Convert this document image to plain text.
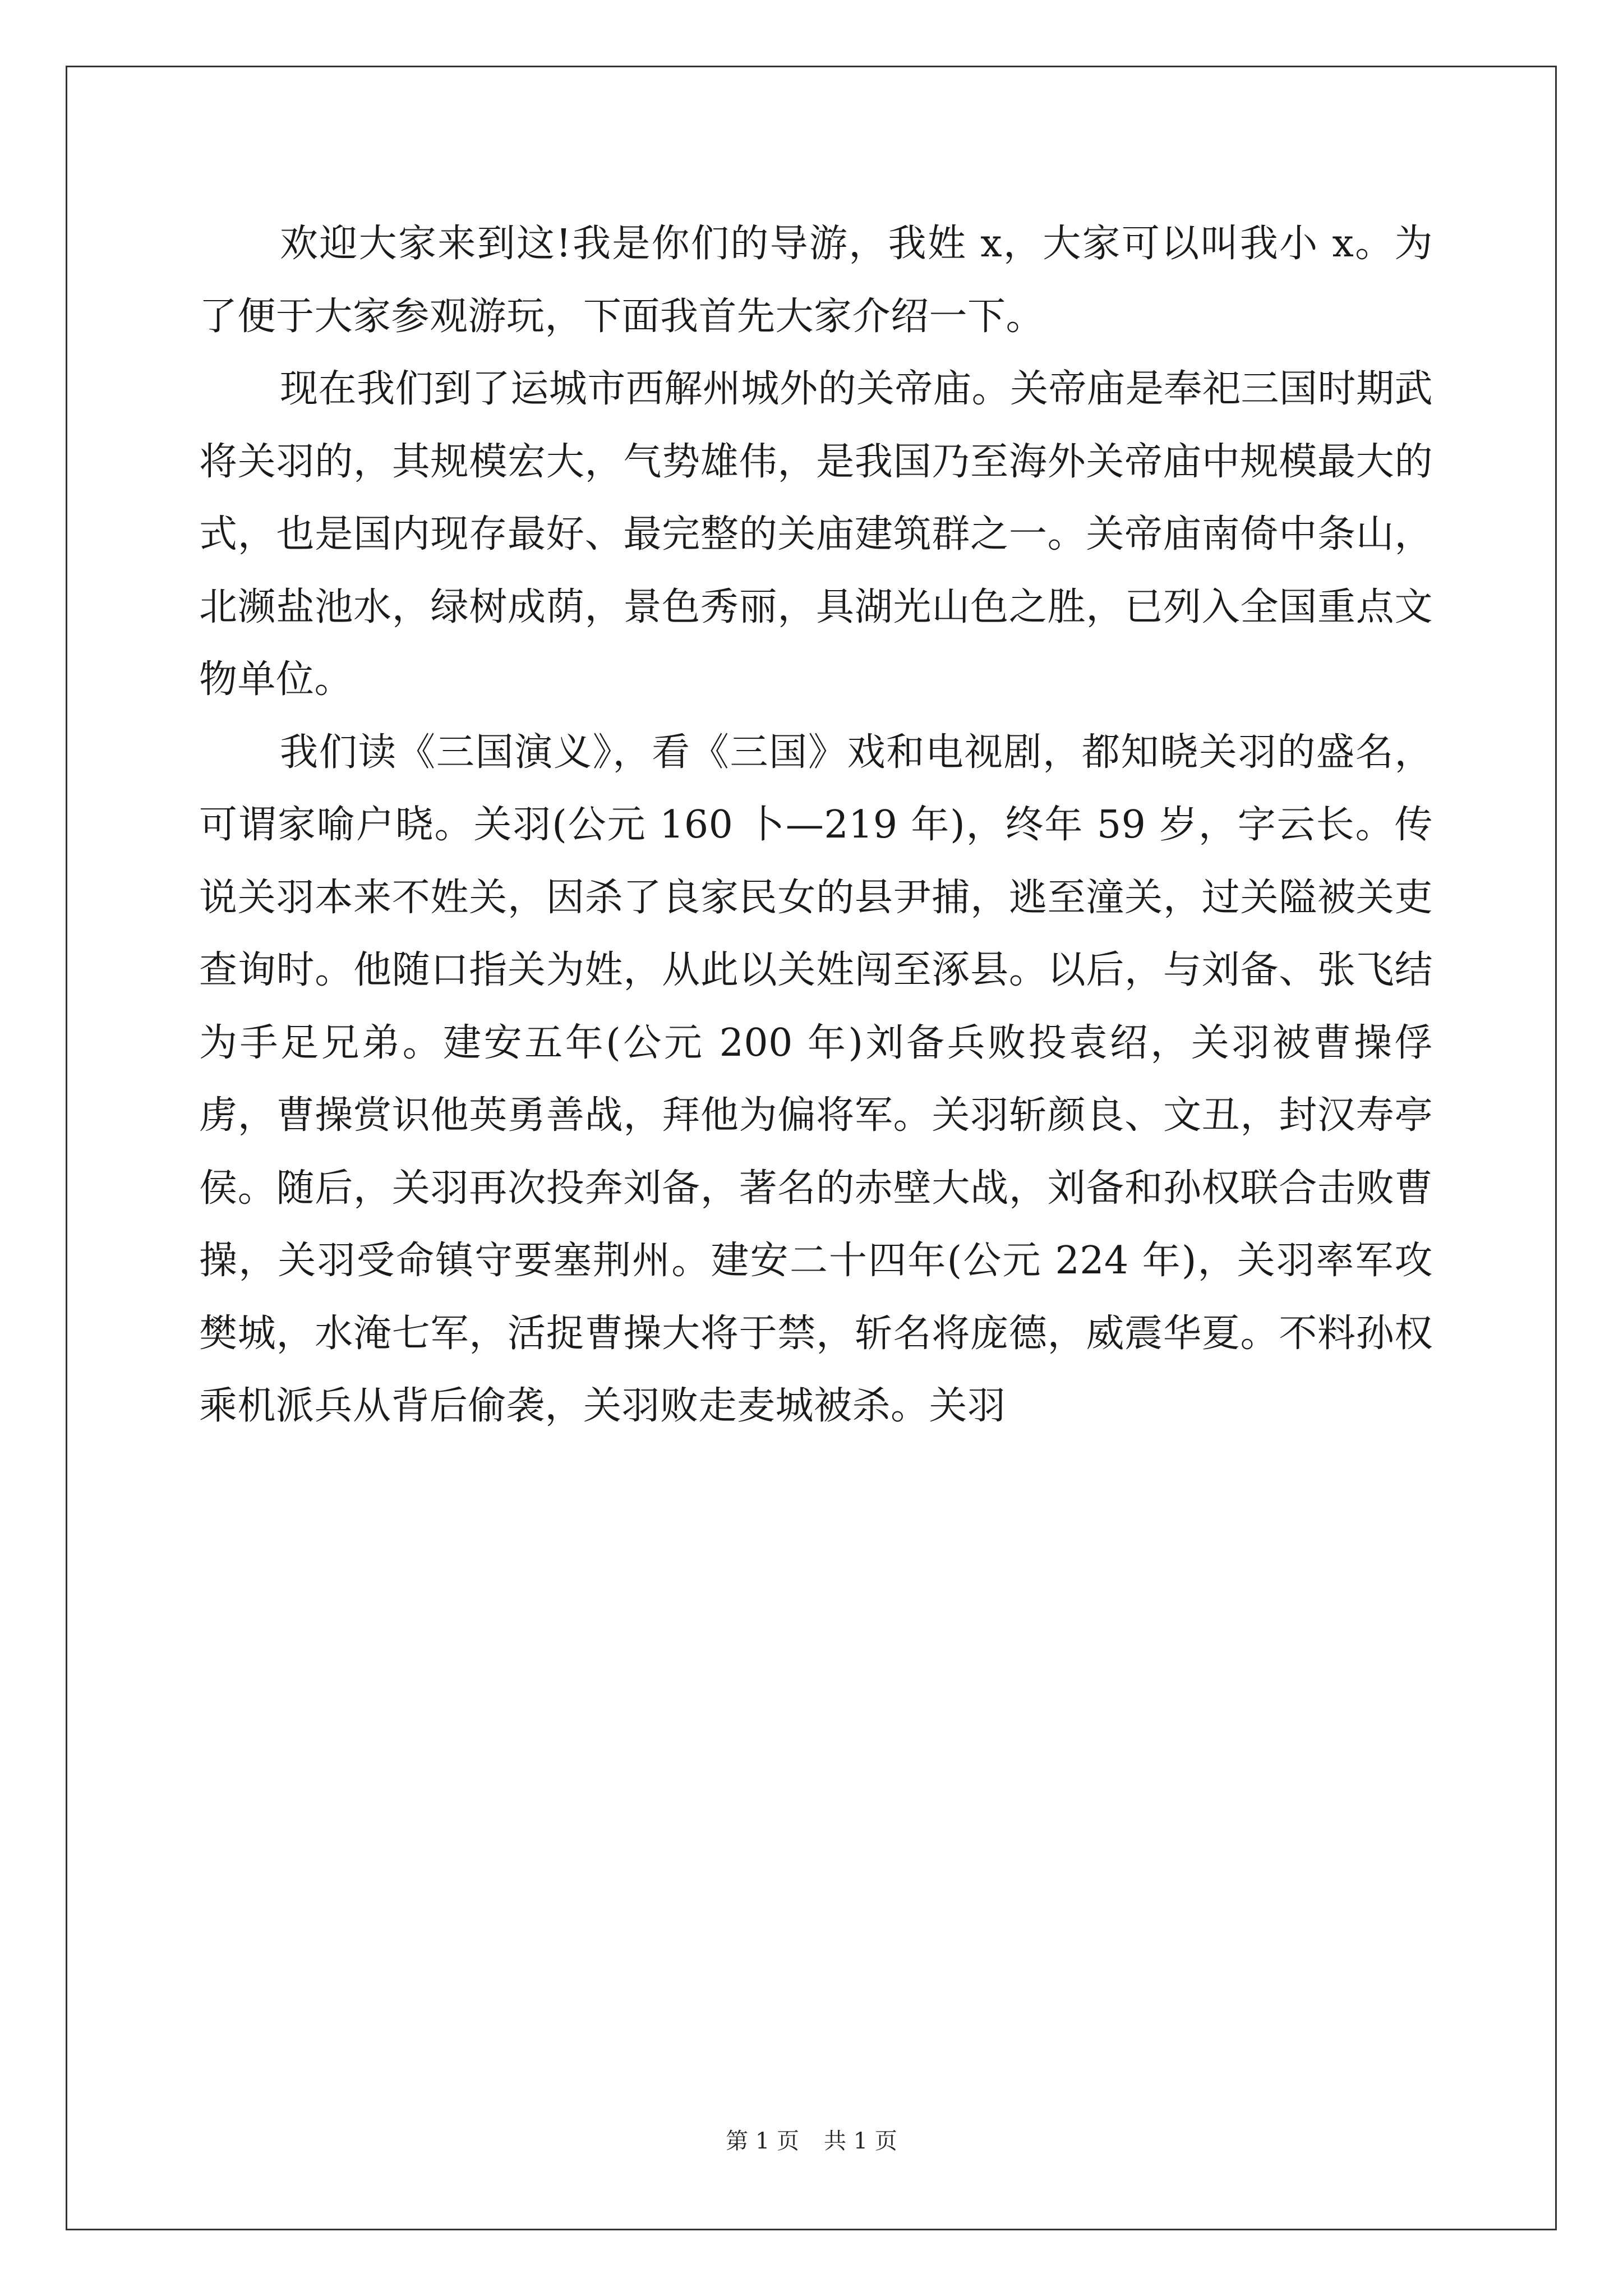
欢迎大家来到这!我是你们的导游，我姓 x，大家可以叫我小 x。为了便于大家参观游玩，下面我首先大家介绍一下。

现在我们到了运城市西解州城外的关帝庙。关帝庙是奉祀三国时期武将关羽的，其规模宏大，气势雄伟，是我国乃至海外关帝庙中规模最大的式，也是国内现存最好、最完整的关庙建筑群之一。关帝庙南倚中条山，北濒盐池水，绿树成荫，景色秀丽，具湖光山色之胜，已列入全国重点文物单位。

我们读《三国演义》，看《三国》戏和电视剧，都知晓关羽的盛名，可谓家喻户晓。关羽(公元 160 卜—219 年)，终年 59 岁，字云长。传说关羽本来不姓关，因杀了良家民女的县尹捕，逃至潼关，过关隘被关吏查询时。他随口指关为姓，从此以关姓闯至涿县。以后，与刘备、张飞结为手足兄弟。建安五年(公元 200 年)刘备兵败投袁绍，关羽被曹操俘虏，曹操赏识他英勇善战，拜他为偏将军。关羽斩颜良、文丑，封汉寿亭侯。随后，关羽再次投奔刘备，著名的赤壁大战，刘备和孙权联合击败曹操，关羽受命镇守要塞荆州。建安二十四年(公元 224 年)，关羽率军攻樊城，水淹七军，活捉曹操大将于禁，斩名将庞德，威震华夏。不料孙权乘机派兵从背后偷袭，关羽败走麦城被杀。关羽

第 1 页 共 1 页
